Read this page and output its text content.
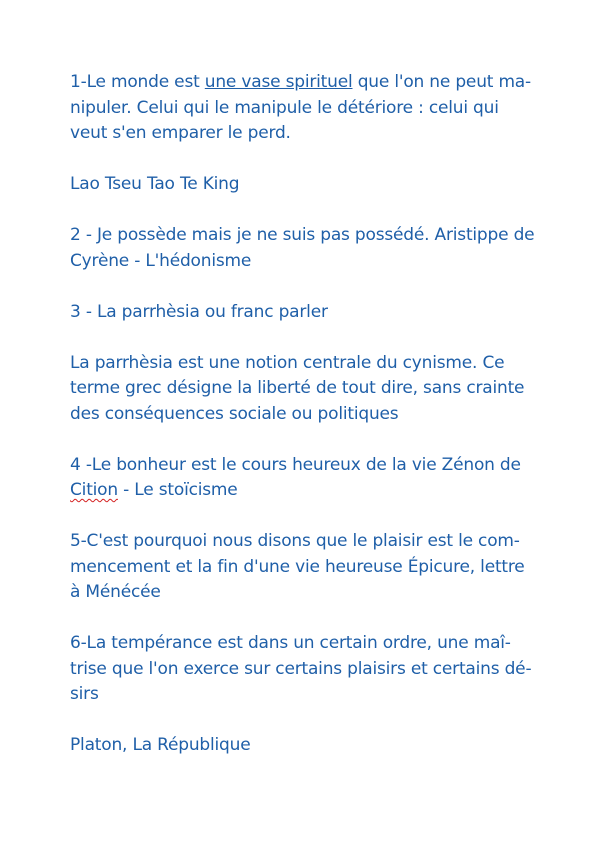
1-Le monde est une vase spirituel que l'on ne peut ma-
nipuler. Celui qui le manipule le détériore : celui qui
veut s'en emparer le perd.
Lao Tseu Tao Te King
2 - Je possède mais je ne suis pas possédé. Aristippe de
Cyrène - L'hédonisme
3 - La parrhèsia ou franc parler
La parrhèsia est une notion centrale du cynisme. Ce
terme grec désigne la liberté de tout dire, sans crainte
des conséquences sociale ou politiques
4 -Le bonheur est le cours heureux de la vie Zénon de
Cition - Le stoïcisme
5-C'est pourquoi nous disons que le plaisir est le com-
mencement et la fin d'une vie heureuse Épicure, lettre
à Ménécée
6-La tempérance est dans un certain ordre, une maî-
trise que l'on exerce sur certains plaisirs et certains dé-
sirs
Platon, La République
